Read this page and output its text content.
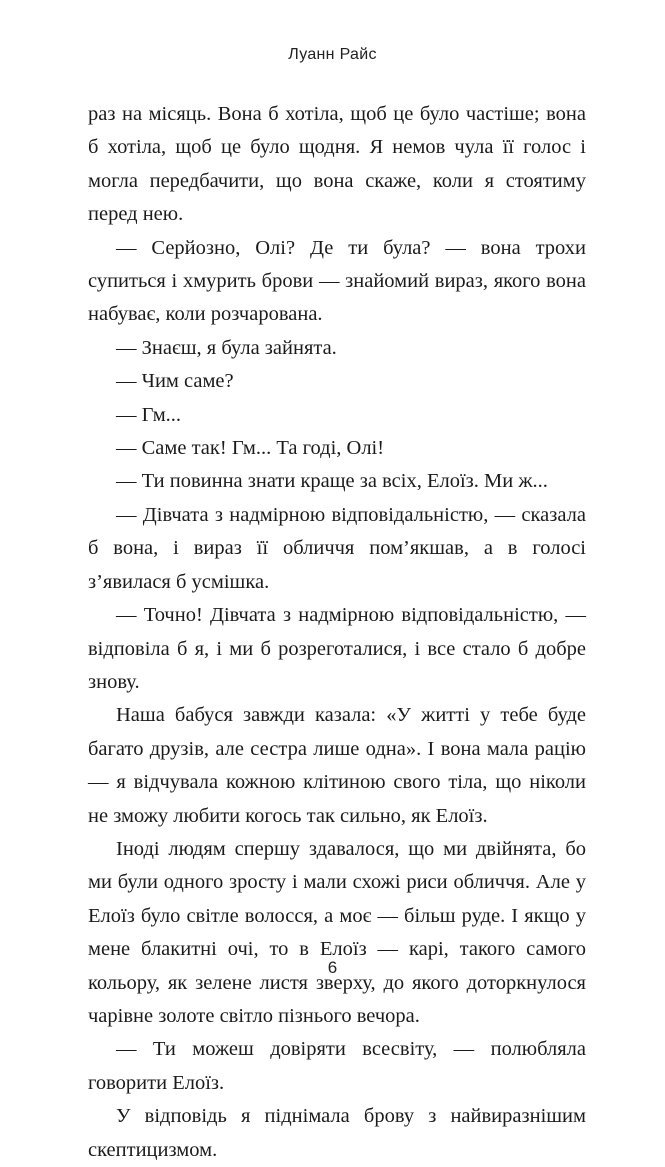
Луанн Райс

раз на місяць. Вона б хотіла, щоб це було частіше; вона б хотіла, щоб це було щодня. Я немов чула її голос і могла передбачити, що вона скаже, коли я стоятиму перед нею.

— Серйозно, Олі? Де ти була? — вона трохи супиться і хмурить брови — знайомий вираз, якого вона набуває, коли розчарована.

— Знаєш, я була зайнята.

— Чим саме?

— Гм...

— Саме так! Гм... Та годі, Олі!

— Ти повинна знати краще за всіх, Елоїз. Ми ж...

— Дівчата з надмірною відповідальністю, — сказала б вона, і вираз її обличчя пом’якшав, а в голосі з’явилася б усмішка.

— Точно! Дівчата з надмірною відповідальністю, — відповіла б я, і ми б розреготалися, і все стало б добре знову.

Наша бабуся завжди казала: «У житті у тебе буде багато друзів, але сестра лише одна». І вона мала рацію — я відчувала кожною клітиною свого тіла, що ніколи не зможу любити когось так сильно, як Елоїз.

Іноді людям спершу здавалося, що ми двійнята, бо ми були одного зросту і мали схожі риси обличчя. Але у Елоїз було світле волосся, а моє — більш руде. І якщо у мене блакитні очі, то в Елоїз — карі, такого самого кольору, як зелене листя зверху, до якого доторкнулося чарівне золоте світло пізнього вечора.

— Ти можеш довіряти всесвіту, — полюбляла говорити Елоїз.

У відповідь я піднімала брову з найвиразнішим скептицизмом.

6
